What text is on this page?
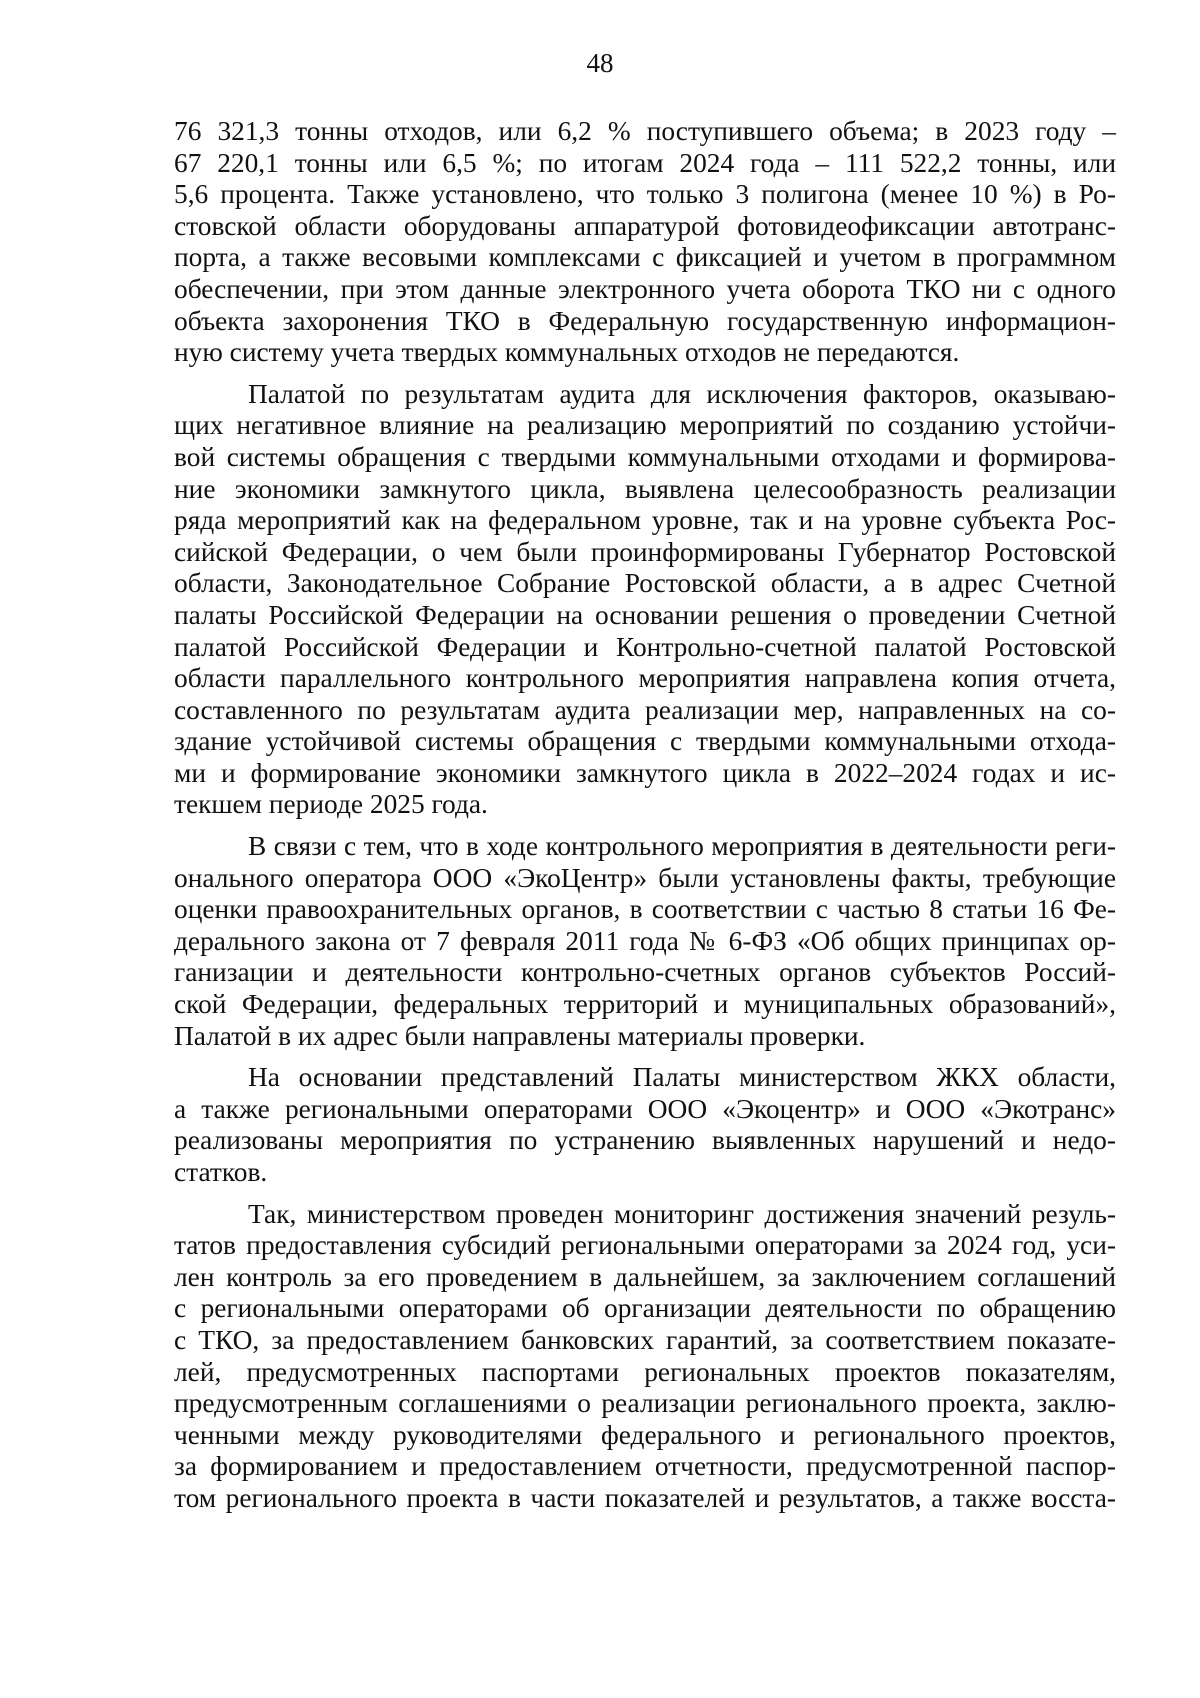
48
76 321,3 тонны отходов, или 6,2 % поступившего объема; в 2023 году –
67 220,1 тонны или 6,5 %; по итогам 2024 года – 111 522,2 тонны, или
5,6 процента. Также установлено, что только 3 полигона (менее 10 %) в Ро-
стовской области оборудованы аппаратурой фотовидеофиксации автотранс-
порта, а также весовыми комплексами с фиксацией и учетом в программном
обеспечении, при этом данные электронного учета оборота ТКО ни с одного
объекта захоронения ТКО в Федеральную государственную информацион-
ную систему учета твердых коммунальных отходов не передаются.
Палатой по результатам аудита для исключения факторов, оказываю-
щих негативное влияние на реализацию мероприятий по созданию устойчи-
вой системы обращения с твердыми коммунальными отходами и формирова-
ние экономики замкнутого цикла, выявлена целесообразность реализации
ряда мероприятий как на федеральном уровне, так и на уровне субъекта Рос-
сийской Федерации, о чем были проинформированы Губернатор Ростовской
области, Законодательное Собрание Ростовской области, а в адрес Счетной
палаты Российской Федерации на основании решения о проведении Счетной
палатой Российской Федерации и Контрольно-счетной палатой Ростовской
области параллельного контрольного мероприятия направлена копия отчета,
составленного по результатам аудита реализации мер, направленных на со-
здание устойчивой системы обращения с твердыми коммунальными отхода-
ми и формирование экономики замкнутого цикла в 2022–2024 годах и ис-
текшем периоде 2025 года.
В связи с тем, что в ходе контрольного мероприятия в деятельности реги-
онального оператора ООО «ЭкоЦентр» были установлены факты, требующие
оценки правоохранительных органов, в соответствии с частью 8 статьи 16 Фе-
дерального закона от 7 февраля 2011 года № 6-ФЗ «Об общих принципах ор-
ганизации и деятельности контрольно-счетных органов субъектов Россий-
ской Федерации, федеральных территорий и муниципальных образований»,
Палатой в их адрес были направлены материалы проверки.
На основании представлений Палаты министерством ЖКХ области,
а также региональными операторами ООО «Экоцентр» и ООО «Экотранс»
реализованы мероприятия по устранению выявленных нарушений и недо-
статков.
Так, министерством проведен мониторинг достижения значений резуль-
татов предоставления субсидий региональными операторами за 2024 год, уси-
лен контроль за его проведением в дальнейшем, за заключением соглашений
с региональными операторами об организации деятельности по обращению
с ТКО, за предоставлением банковских гарантий, за соответствием показате-
лей, предусмотренных паспортами региональных проектов показателям,
предусмотренным соглашениями о реализации регионального проекта, заклю-
ченными между руководителями федерального и регионального проектов,
за формированием и предоставлением отчетности, предусмотренной паспор-
том регионального проекта в части показателей и результатов, а также восста-
